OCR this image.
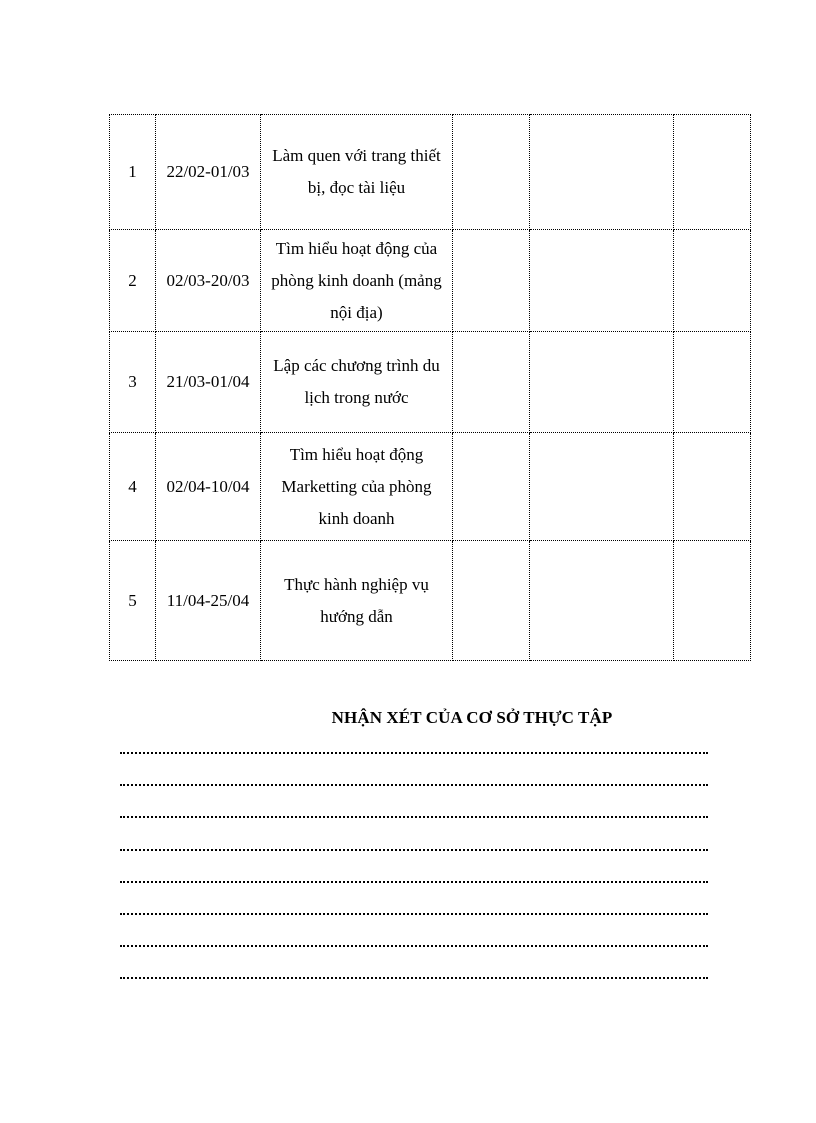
1	22/02-01/03	Làm quen với trang thiết bị, đọc tài liệu			
2	02/03-20/03	Tìm hiểu hoạt động của phòng kinh doanh (mảng nội địa)			
3	21/03-01/04	Lập các chương trình du lịch trong nước			
4	02/04-10/04	Tìm hiểu hoạt động Marketting của phòng kinh doanh			
5	11/04-25/04	Thực hành nghiệp vụ hướng dẫn			
NHẬN XÉT CỦA CƠ SỞ THỰC TẬP
